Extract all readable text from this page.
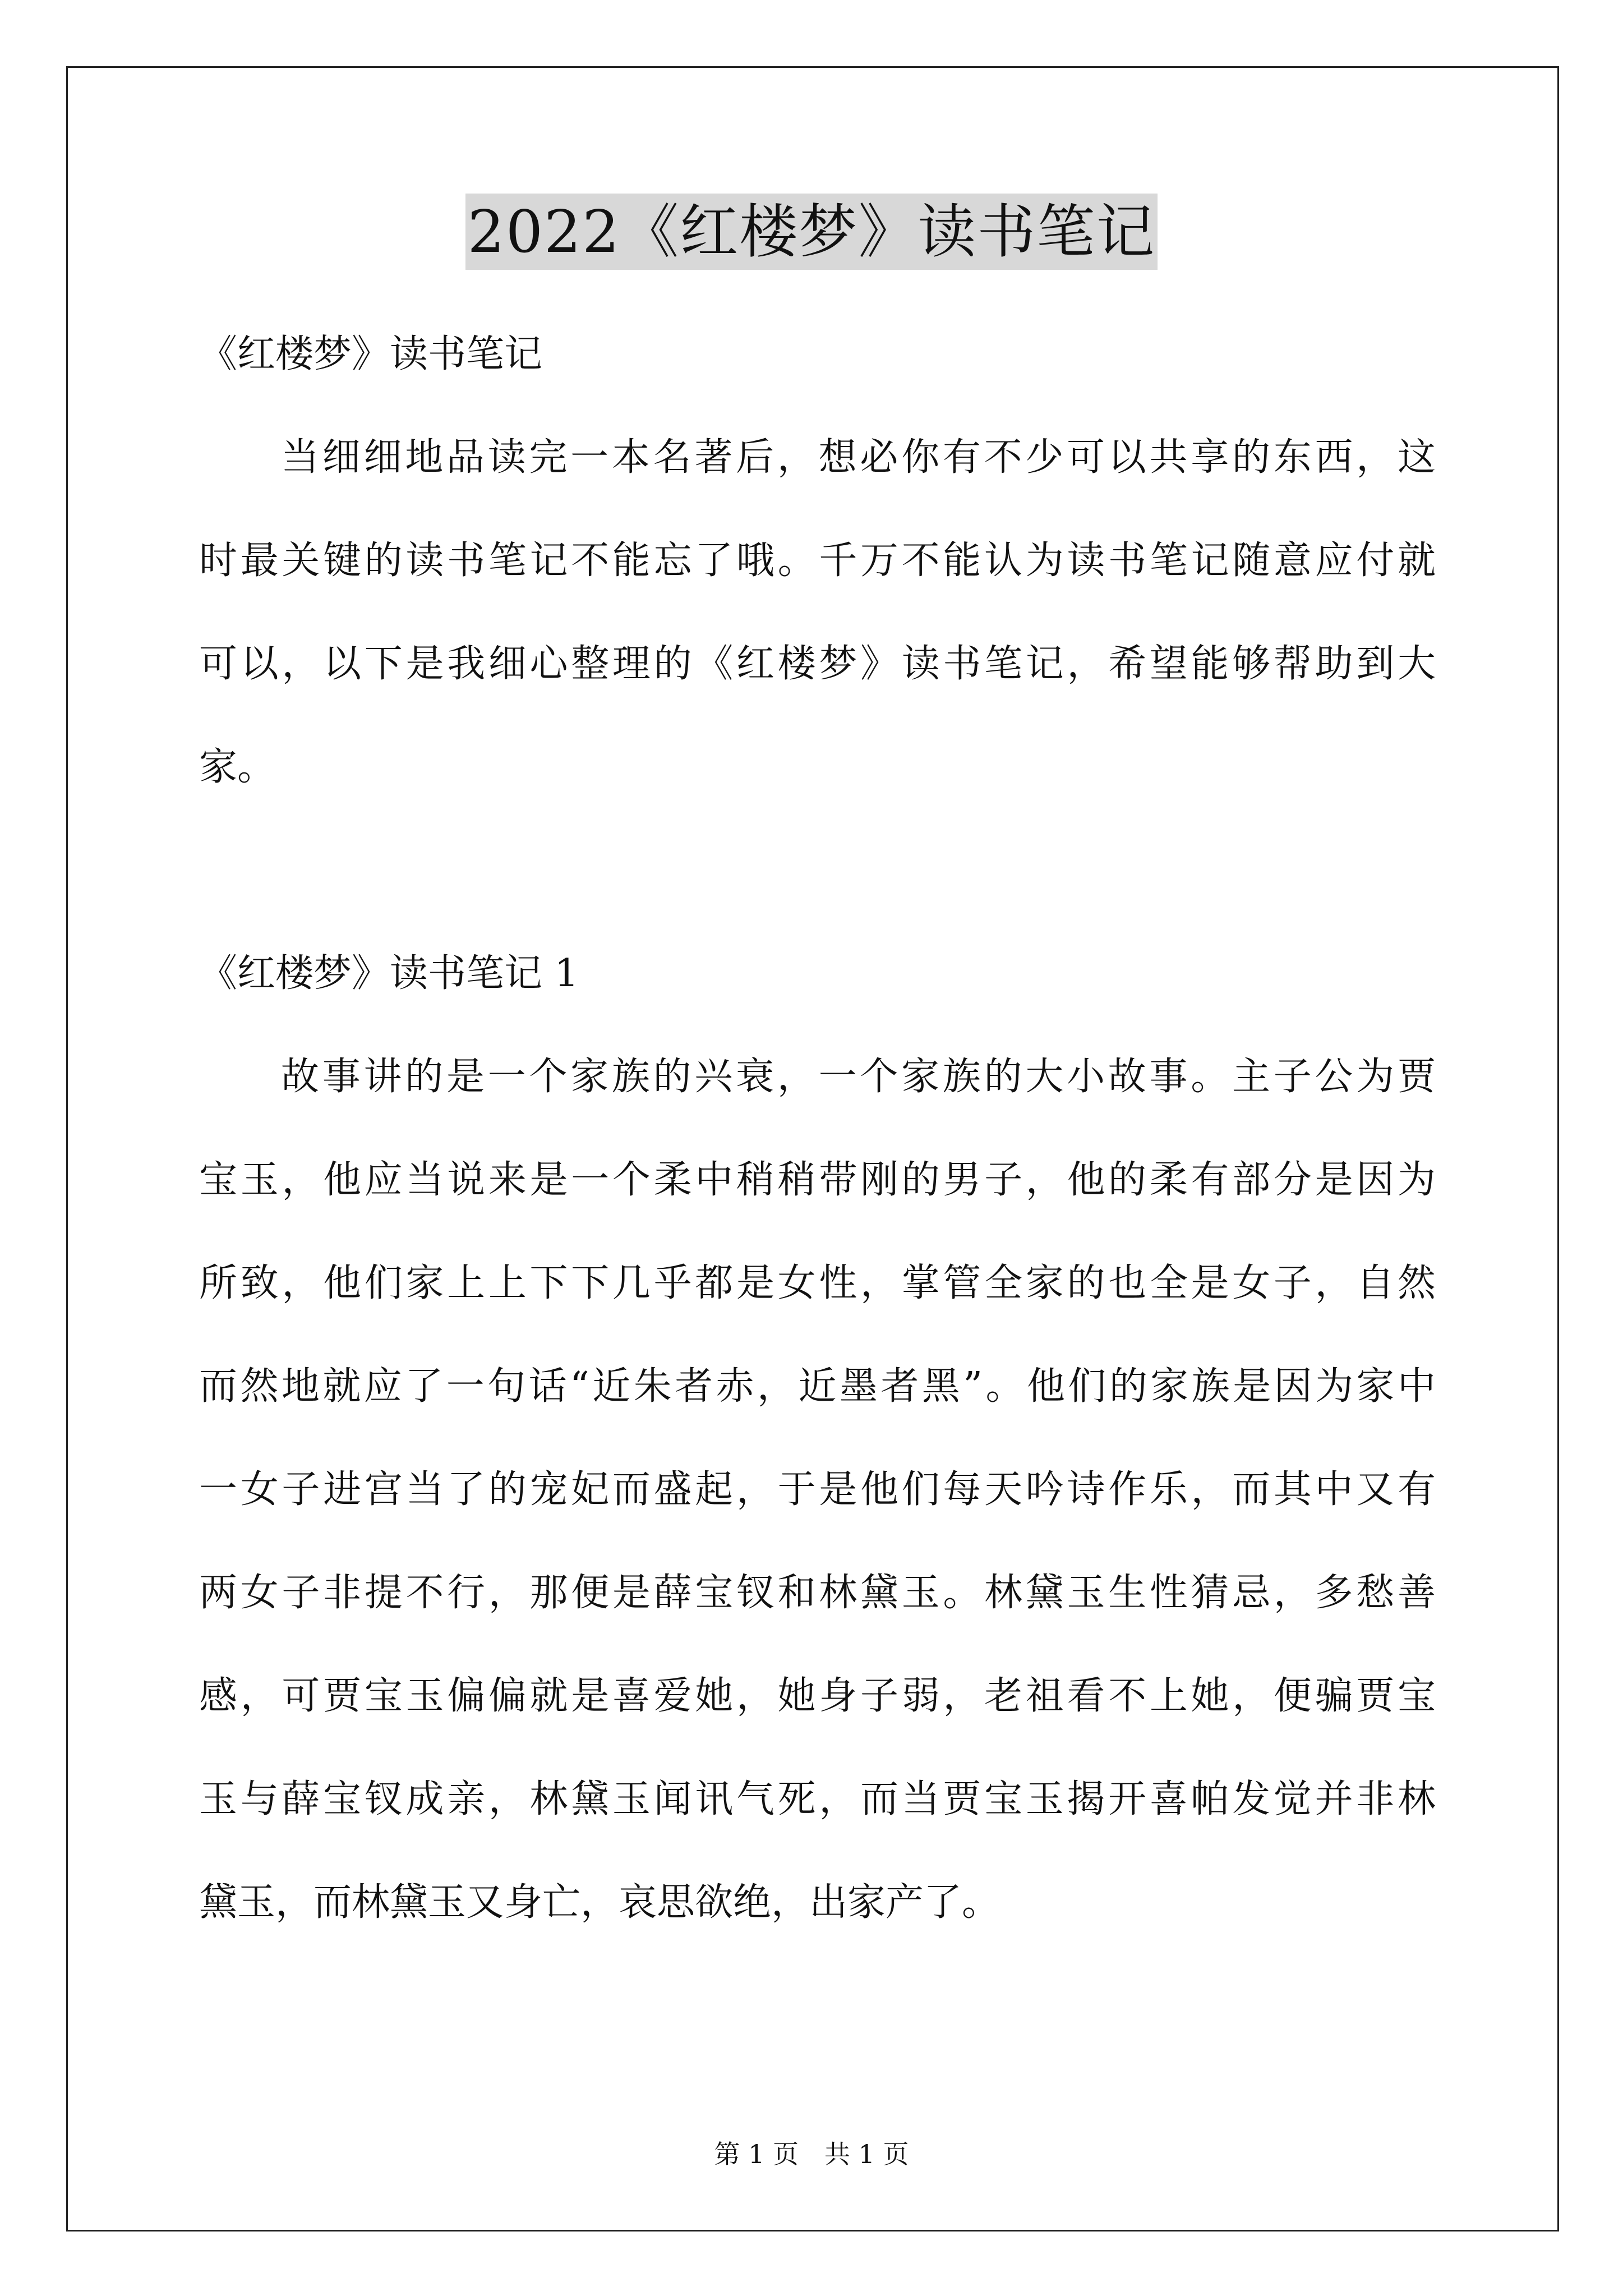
2022《红楼梦》读书笔记
《红楼梦》读书笔记
当细细地品读完一本名著后，想必你有不少可以共享的东西，这
时最关键的读书笔记不能忘了哦。千万不能认为读书笔记随意应付就
可以，以下是我细心整理的《红楼梦》读书笔记，希望能够帮助到大
家。
《红楼梦》读书笔记 1
故事讲的是一个家族的兴衰，一个家族的大小故事。主子公为贾
宝玉，他应当说来是一个柔中稍稍带刚的男子，他的柔有部分是因为
所致，他们家上上下下几乎都是女性，掌管全家的也全是女子，自然
而然地就应了一句话“近朱者赤，近墨者黑”。他们的家族是因为家中
一女子进宫当了的宠妃而盛起，于是他们每天吟诗作乐，而其中又有
两女子非提不行，那便是薛宝钗和林黛玉。林黛玉生性猜忌，多愁善
感，可贾宝玉偏偏就是喜爱她，她身子弱，老祖看不上她，便骗贾宝
玉与薛宝钗成亲，林黛玉闻讯气死，而当贾宝玉揭开喜帕发觉并非林
黛玉，而林黛玉又身亡，哀思欲绝，出家产了。
第 1 页　共 1 页
